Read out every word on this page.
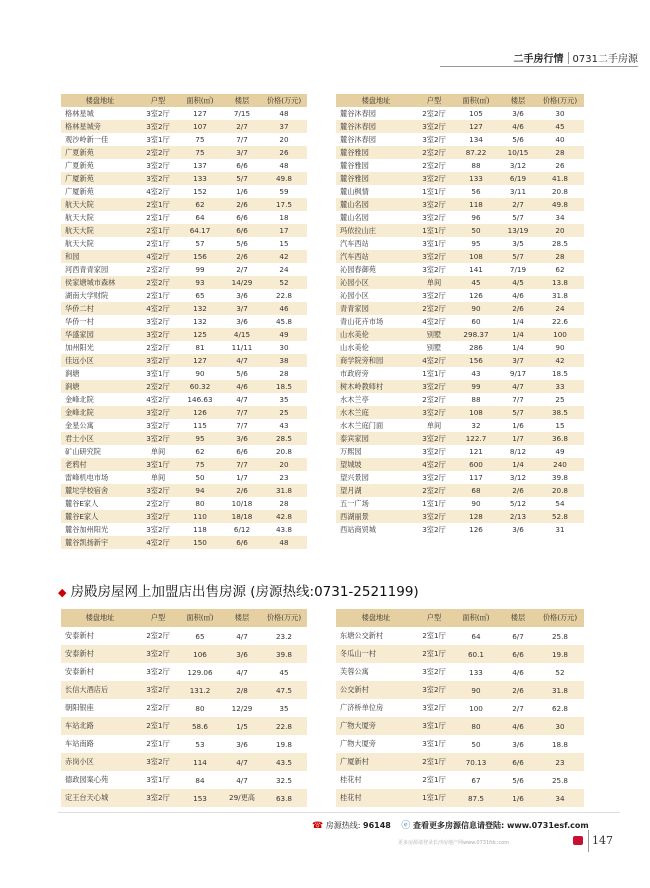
二手房行情 0731二手房源
楼盘地址	户型	面积(㎡)	楼层	价格(万元)
格林星城	3室2厅	127	7/15	48
格林星城旁	3室2厅	107	2/7	37
观沙岭新一佳	3室1厅	75	7/7	20
广夏新苑	2室2厅	75	3/7	26
广夏新苑	3室2厅	137	6/6	48
广厦新苑	3室2厅	133	5/7	49.8
广厦新苑	4室2厅	152	1/6	59
航天大院	2室1厅	62	2/6	17.5
航天大院	2室1厅	64	6/6	18
航天大院	2室1厅	64.17	6/6	17
航天大院	2室1厅	57	5/6	15
和园	4室2厅	156	2/6	42
河西青青家园	2室2厅	99	2/7	24
侯家塘城市森林	2室2厅	93	14/29	52
湖南大学财院	2室1厅	65	3/6	22.8
华侨二村	4室2厅	132	3/7	46
华侨一村	3室2厅	132	3/6	45.8
华盛家园	3室2厅	125	4/15	49
加州阳光	2室2厅	81	11/11	30
佳远小区	3室2厅	127	4/7	38
涧塘	3室1厅	90	5/6	28
涧塘	2室2厅	60.32	4/6	18.5
金峰北院	4室2厅	146.63	4/7	35
金峰北院	3室2厅	126	7/7	25
金星公寓	3室2厅	115	7/7	43
君士小区	3室2厅	95	3/6	28.5
矿山研究院	单间	62	6/6	20.8
老鸦村	3室1厅	75	7/7	20
雷峰机电市场	单间	50	1/7	23
麓坨学校宿舍	3室2厅	94	2/6	31.8
麓谷E家人	2室2厅	80	10/18	28
麓谷E家人	3室2厅	110	18/18	42.8
麓谷加州阳光	3室2厅	118	6/12	43.8
麓谷凯扬新宇	4室2厅	150	6/6	48
楼盘地址	户型	面积(㎡)	楼层	价格(万元)
麓谷沐春园	2室2厅	105	3/6	30
麓谷沐春园	3室2厅	127	4/6	45
麓谷沐春园	3室2厅	134	5/6	40
麓谷雅园	2室2厅	87.22	10/15	28
麓谷雅园	2室2厅	88	3/12	26
麓谷雅园	3室2厅	133	6/19	41.8
麓山枫情	1室1厅	56	3/11	20.8
麓山名园	3室2厅	118	2/7	49.8
麓山名园	3室2厅	96	5/7	34
玛依拉山庄	1室1厅	50	13/19	20
汽车西站	3室1厅	95	3/5	28.5
汽车西站	3室2厅	108	5/7	28
沁园春御苑	3室2厅	141	7/19	62
沁园小区	单间	45	4/5	13.8
沁园小区	3室2厅	126	4/6	31.8
青青家园	2室2厅	90	2/6	24
青山花卉市场	4室2厅	60	1/4	22.6
山水美伦	别墅	298.37	1/4	100
山水美伦	别墅	286	1/4	90
商学院旁和园	4室2厅	156	3/7	42
市政府旁	1室1厅	43	9/17	18.5
树木岭教师村	3室2厅	99	4/7	33
水木兰亭	2室2厅	88	7/7	25
水木兰庭	3室2厅	108	5/7	38.5
水木兰庭门面	单间	32	1/6	15
泰宾家园	3室2厅	122.7	1/7	36.8
万熙园	3室2厅	121	8/12	49
望城坡	4室2厅	600	1/4	240
望兴景园	3室2厅	117	3/12	39.8
望月湖	2室2厅	68	2/6	20.8
五一广场	1室1厅	90	5/12	54
西湖丽景	3室2厅	128	2/13	52.8
西站商贸城	3室2厅	126	3/6	31
◆ 房殿房屋网上加盟店出售房源 (房源热线:0731-2521199)
楼盘地址	户型	面积(㎡)	楼层	价格(万元)
安泰新村	2室2厅	65	4/7	23.2
安泰新村	3室2厅	106	3/6	39.8
安泰新村	3室2厅	129.06	4/7	45
长信大酒店后	3室2厅	131.2	2/8	47.5
朝阳银座	2室2厅	80	12/29	35
车站北路	2室1厅	58.6	1/5	22.8
车站南路	2室1厅	53	3/6	19.8
赤岗小区	3室2厅	114	4/7	43.5
德政园案心苑	3室1厅	84	4/7	32.5
定王台天心城	3室2厅	153	29/更高	63.8
楼盘地址	户型	面积(㎡)	楼层	价格(万元)
东塘公交新村	2室1厅	64	6/7	25.8
冬瓜山一村	2室1厅	60.1	6/6	19.8
芙蓉公寓	3室2厅	133	4/6	52
公交新村	3室2厅	90	2/6	31.8
广济桥单位房	3室2厅	100	2/7	62.8
广物大厦旁	3室1厅	80	4/6	30
广物大厦旁	3室1厅	50	3/6	18.8
广厦新村	2室1厅	70.13	6/6	23
桂花村	2室1厅	67	5/6	25.8
桂花村	1室1厅	87.5	1/6	34
☎ 房源热线: 96148 ⓔ 查看更多房源信息请登陆: www.0731esf.com
更多房源请登录长沙房地产网www.0731fdc.com	147
